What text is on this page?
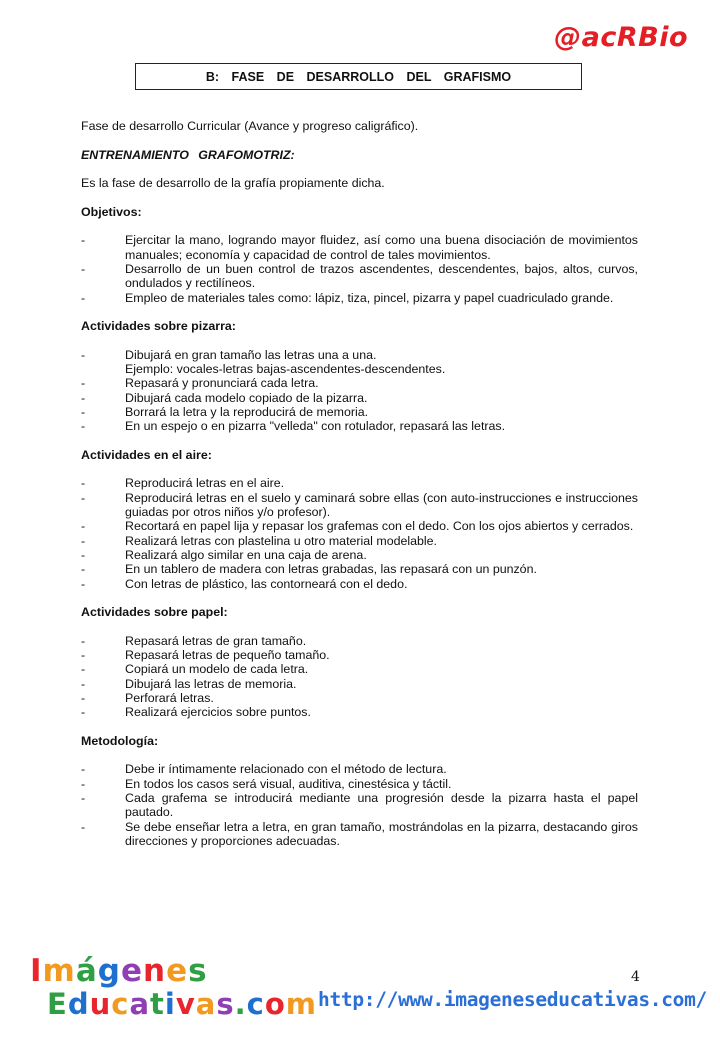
@acRBio
B: FASE DE DESARROLLO DEL GRAFISMO

Fase de desarrollo Curricular (Avance y progreso caligráfico).

ENTRENAMIENTO GRAFOMOTRIZ:

Es la fase de desarrollo de la grafía propiamente dicha.

Objetivos:

-	Ejercitar la mano, logrando mayor fluidez, así como una buena disociación de movimientos manuales; economía y capacidad de control de tales movimientos.
-	Desarrollo de un buen control de trazos ascendentes, descendentes, bajos, altos, curvos, ondulados y rectilíneos.
-	Empleo de materiales tales como: lápiz, tiza, pincel, pizarra y papel cuadriculado grande.

Actividades sobre pizarra:

-	Dibujará en gran tamaño las letras una a una.
Ejemplo: vocales-letras bajas-ascendentes-descendentes.
-	Repasará y pronunciará cada letra.
-	Dibujará cada modelo copiado de la pizarra.
-	Borrará la letra y la reproducirá de memoria.
-	En un espejo o en pizarra "velleda" con rotulador, repasará las letras.

Actividades en el aire:

-	Reproducirá letras en el aire.
-	Reproducirá letras en el suelo y caminará sobre ellas (con auto-instrucciones e instrucciones guiadas por otros niños y/o profesor).
-	Recortará en papel lija y repasar los grafemas con el dedo. Con los ojos abiertos y cerrados.
-	Realizará letras con plastelina u otro material modelable.
-	Realizará algo similar en una caja de arena.
-	En un tablero de madera con letras grabadas, las repasará con un punzón.
-	Con letras de plástico, las contorneará con el dedo.

Actividades sobre papel:

-	Repasará letras de gran tamaño.
-	Repasará letras de pequeño tamaño.
-	Copiará un modelo de cada letra.
-	Dibujará las letras de memoria.
-	Perforará letras.
-	Realizará ejercicios sobre puntos.

Metodología:

-	Debe ir íntimamente relacionado con el método de lectura.
-	En todos los casos será visual, auditiva, cinestésica y táctil.
-	Cada grafema se introducirá mediante una progresión desde la pizarra hasta el papel pautado.
-	Se debe enseñar letra a letra, en gran tamaño, mostrándolas en la pizarra, destacando giros direcciones y proporciones adecuadas.
Imágenes
Educativas.com
4
http://www.imageneseducativas.com/
